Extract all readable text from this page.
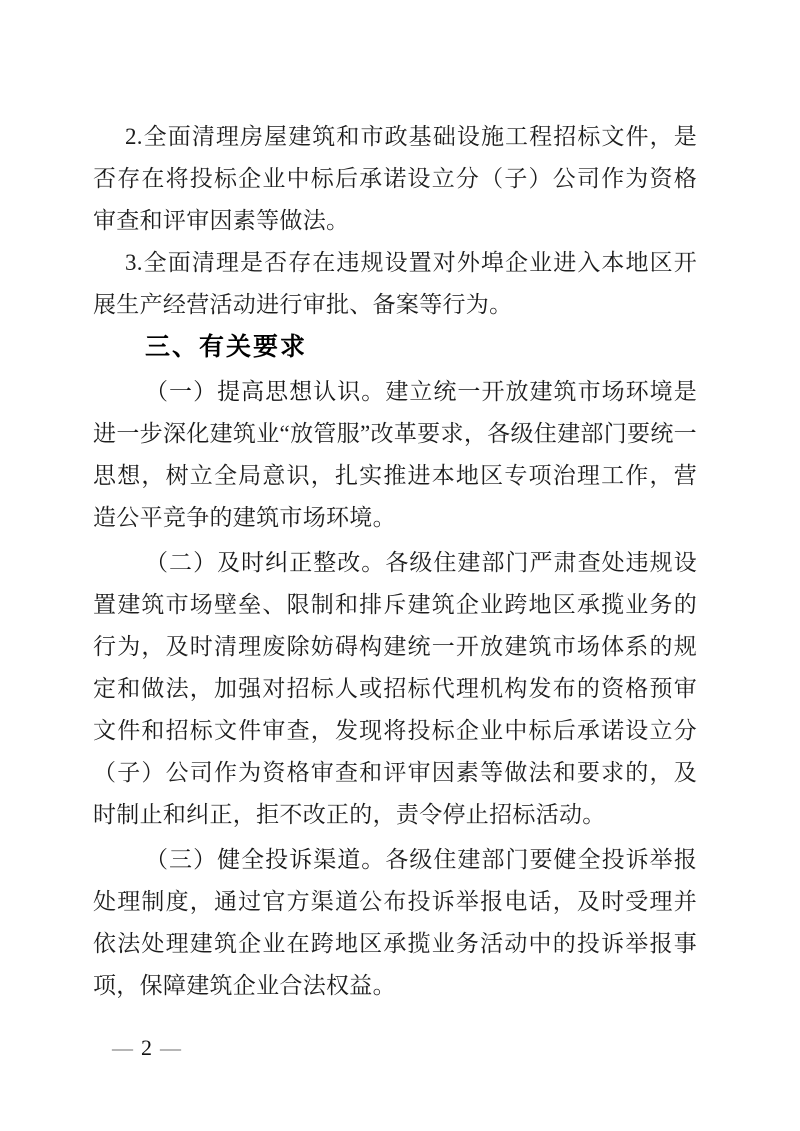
2.全面清理房屋建筑和市政基础设施工程招标文件，是否存在将投标企业中标后承诺设立分（子）公司作为资格审查和评审因素等做法。

3.全面清理是否存在违规设置对外埠企业进入本地区开展生产经营活动进行审批、备案等行为。

三、有关要求

（一）提高思想认识。建立统一开放建筑市场环境是进一步深化建筑业“放管服”改革要求，各级住建部门要统一思想，树立全局意识，扎实推进本地区专项治理工作，营造公平竞争的建筑市场环境。

（二）及时纠正整改。各级住建部门严肃查处违规设置建筑市场壁垒、限制和排斥建筑企业跨地区承揽业务的行为，及时清理废除妨碍构建统一开放建筑市场体系的规定和做法，加强对招标人或招标代理机构发布的资格预审文件和招标文件审查，发现将投标企业中标后承诺设立分（子）公司作为资格审查和评审因素等做法和要求的，及时制止和纠正，拒不改正的，责令停止招标活动。

（三）健全投诉渠道。各级住建部门要健全投诉举报处理制度，通过官方渠道公布投诉举报电话，及时受理并依法处理建筑企业在跨地区承揽业务活动中的投诉举报事项，保障建筑企业合法权益。

— 2 —
